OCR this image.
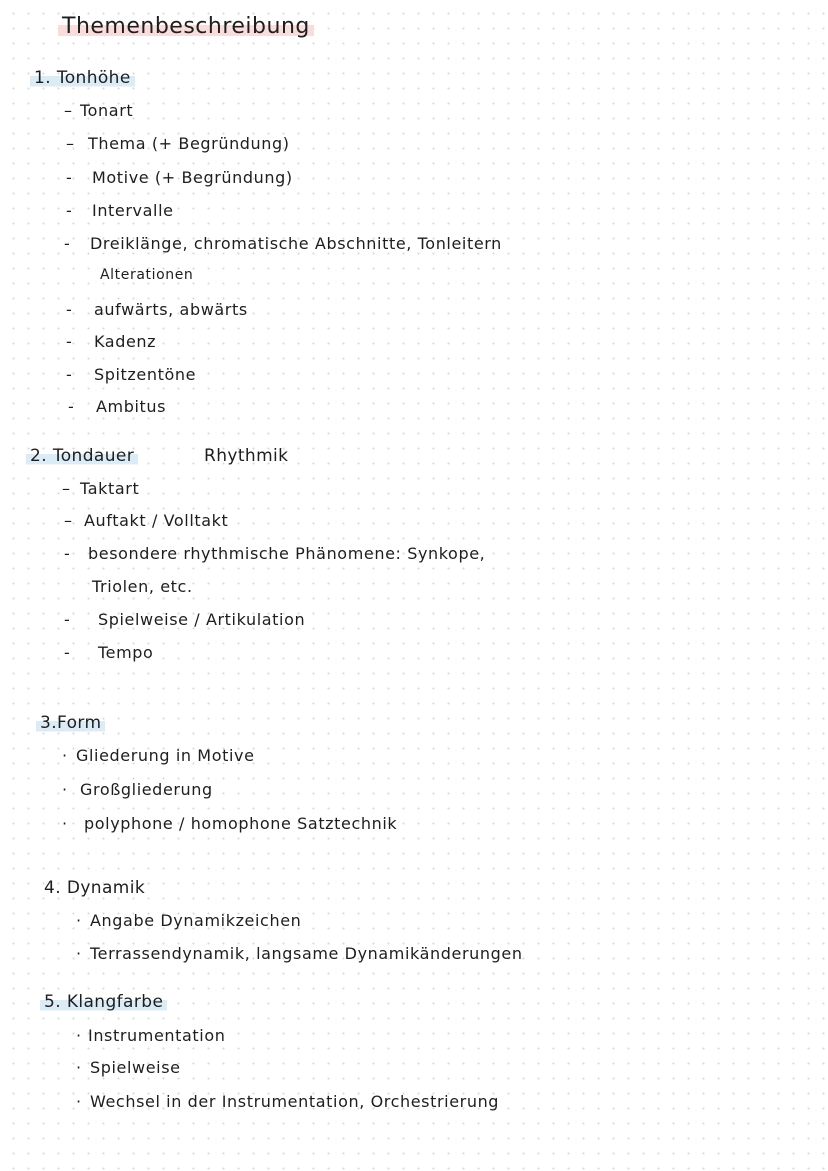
Themenbeschreibung
1. Tonhöhe
– Tonart
– Thema (+ Begründung)
- Motive (+ Begründung)
- Intervalle
- Dreiklänge, chromatische Abschnitte, Tonleitern
Alterationen
- aufwärts, abwärts
- Kadenz
- Spitzentöne
- Ambitus
2. Tondauer	Rhythmik
– Taktart
– Auftakt / Volltakt
- besondere rhythmische Phänomene: Synkope,
Triolen, etc.
- Spielweise / Artikulation
- Tempo
3.Form
· Gliederung in Motive
· Großgliederung
· polyphone / homophone Satztechnik
4. Dynamik
· Angabe Dynamikzeichen
· Terrassendynamik, langsame Dynamikänderungen
5. Klangfarbe
· Instrumentation
· Spielweise
· Wechsel in der Instrumentation, Orchestrierung
